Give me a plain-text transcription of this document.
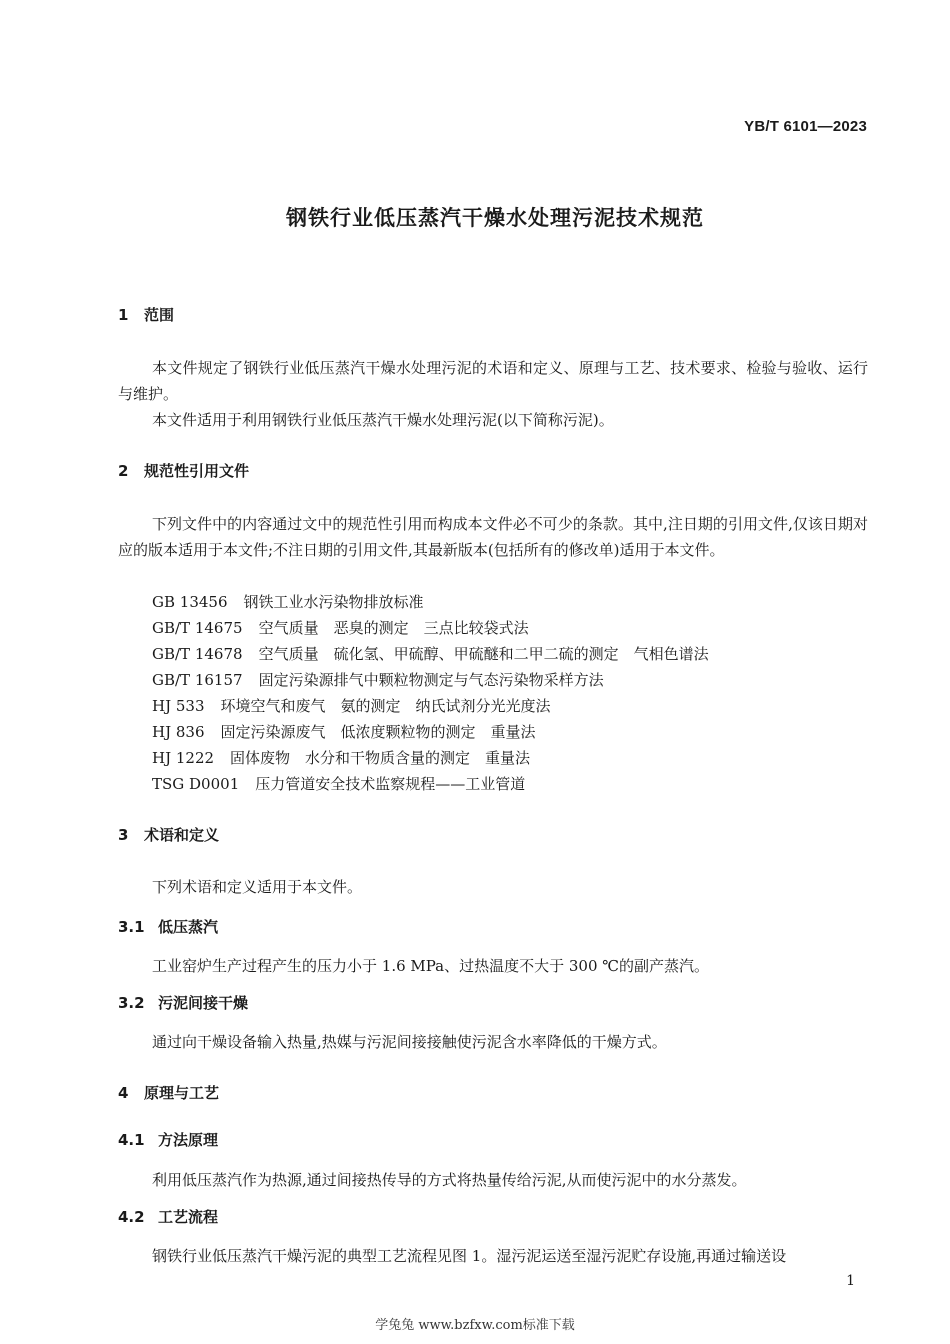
YB/T 6101—2023
钢铁行业低压蒸汽干燥水处理污泥技术规范
1 范围
本文件规定了钢铁行业低压蒸汽干燥水处理污泥的术语和定义、原理与工艺、技术要求、检验与验收、运行与维护。
本文件适用于利用钢铁行业低压蒸汽干燥水处理污泥(以下简称污泥)。
2 规范性引用文件
下列文件中的内容通过文中的规范性引用而构成本文件必不可少的条款。其中,注日期的引用文件,仅该日期对应的版本适用于本文件;不注日期的引用文件,其最新版本(包括所有的修改单)适用于本文件。
GB 13456 钢铁工业水污染物排放标准
GB/T 14675 空气质量　恶臭的测定　三点比较袋式法
GB/T 14678 空气质量　硫化氢、甲硫醇、甲硫醚和二甲二硫的测定　气相色谱法
GB/T 16157 固定污染源排气中颗粒物测定与气态污染物采样方法
HJ 533 环境空气和废气　氨的测定　纳氏试剂分光光度法
HJ 836 固定污染源废气　低浓度颗粒物的测定　重量法
HJ 1222 固体废物　水分和干物质含量的测定　重量法
TSG D0001 压力管道安全技术监察规程——工业管道
3 术语和定义
下列术语和定义适用于本文件。
3.1 低压蒸汽
工业窑炉生产过程产生的压力小于 1.6 MPa、过热温度不大于 300 ℃的副产蒸汽。
3.2 污泥间接干燥
通过向干燥设备输入热量,热媒与污泥间接接触使污泥含水率降低的干燥方式。
4 原理与工艺
4.1 方法原理
利用低压蒸汽作为热源,通过间接热传导的方式将热量传给污泥,从而使污泥中的水分蒸发。
4.2 工艺流程
钢铁行业低压蒸汽干燥污泥的典型工艺流程见图 1。湿污泥运送至湿污泥贮存设施,再通过输送设
1
学兔兔 www.bzfxw.com标准下载
